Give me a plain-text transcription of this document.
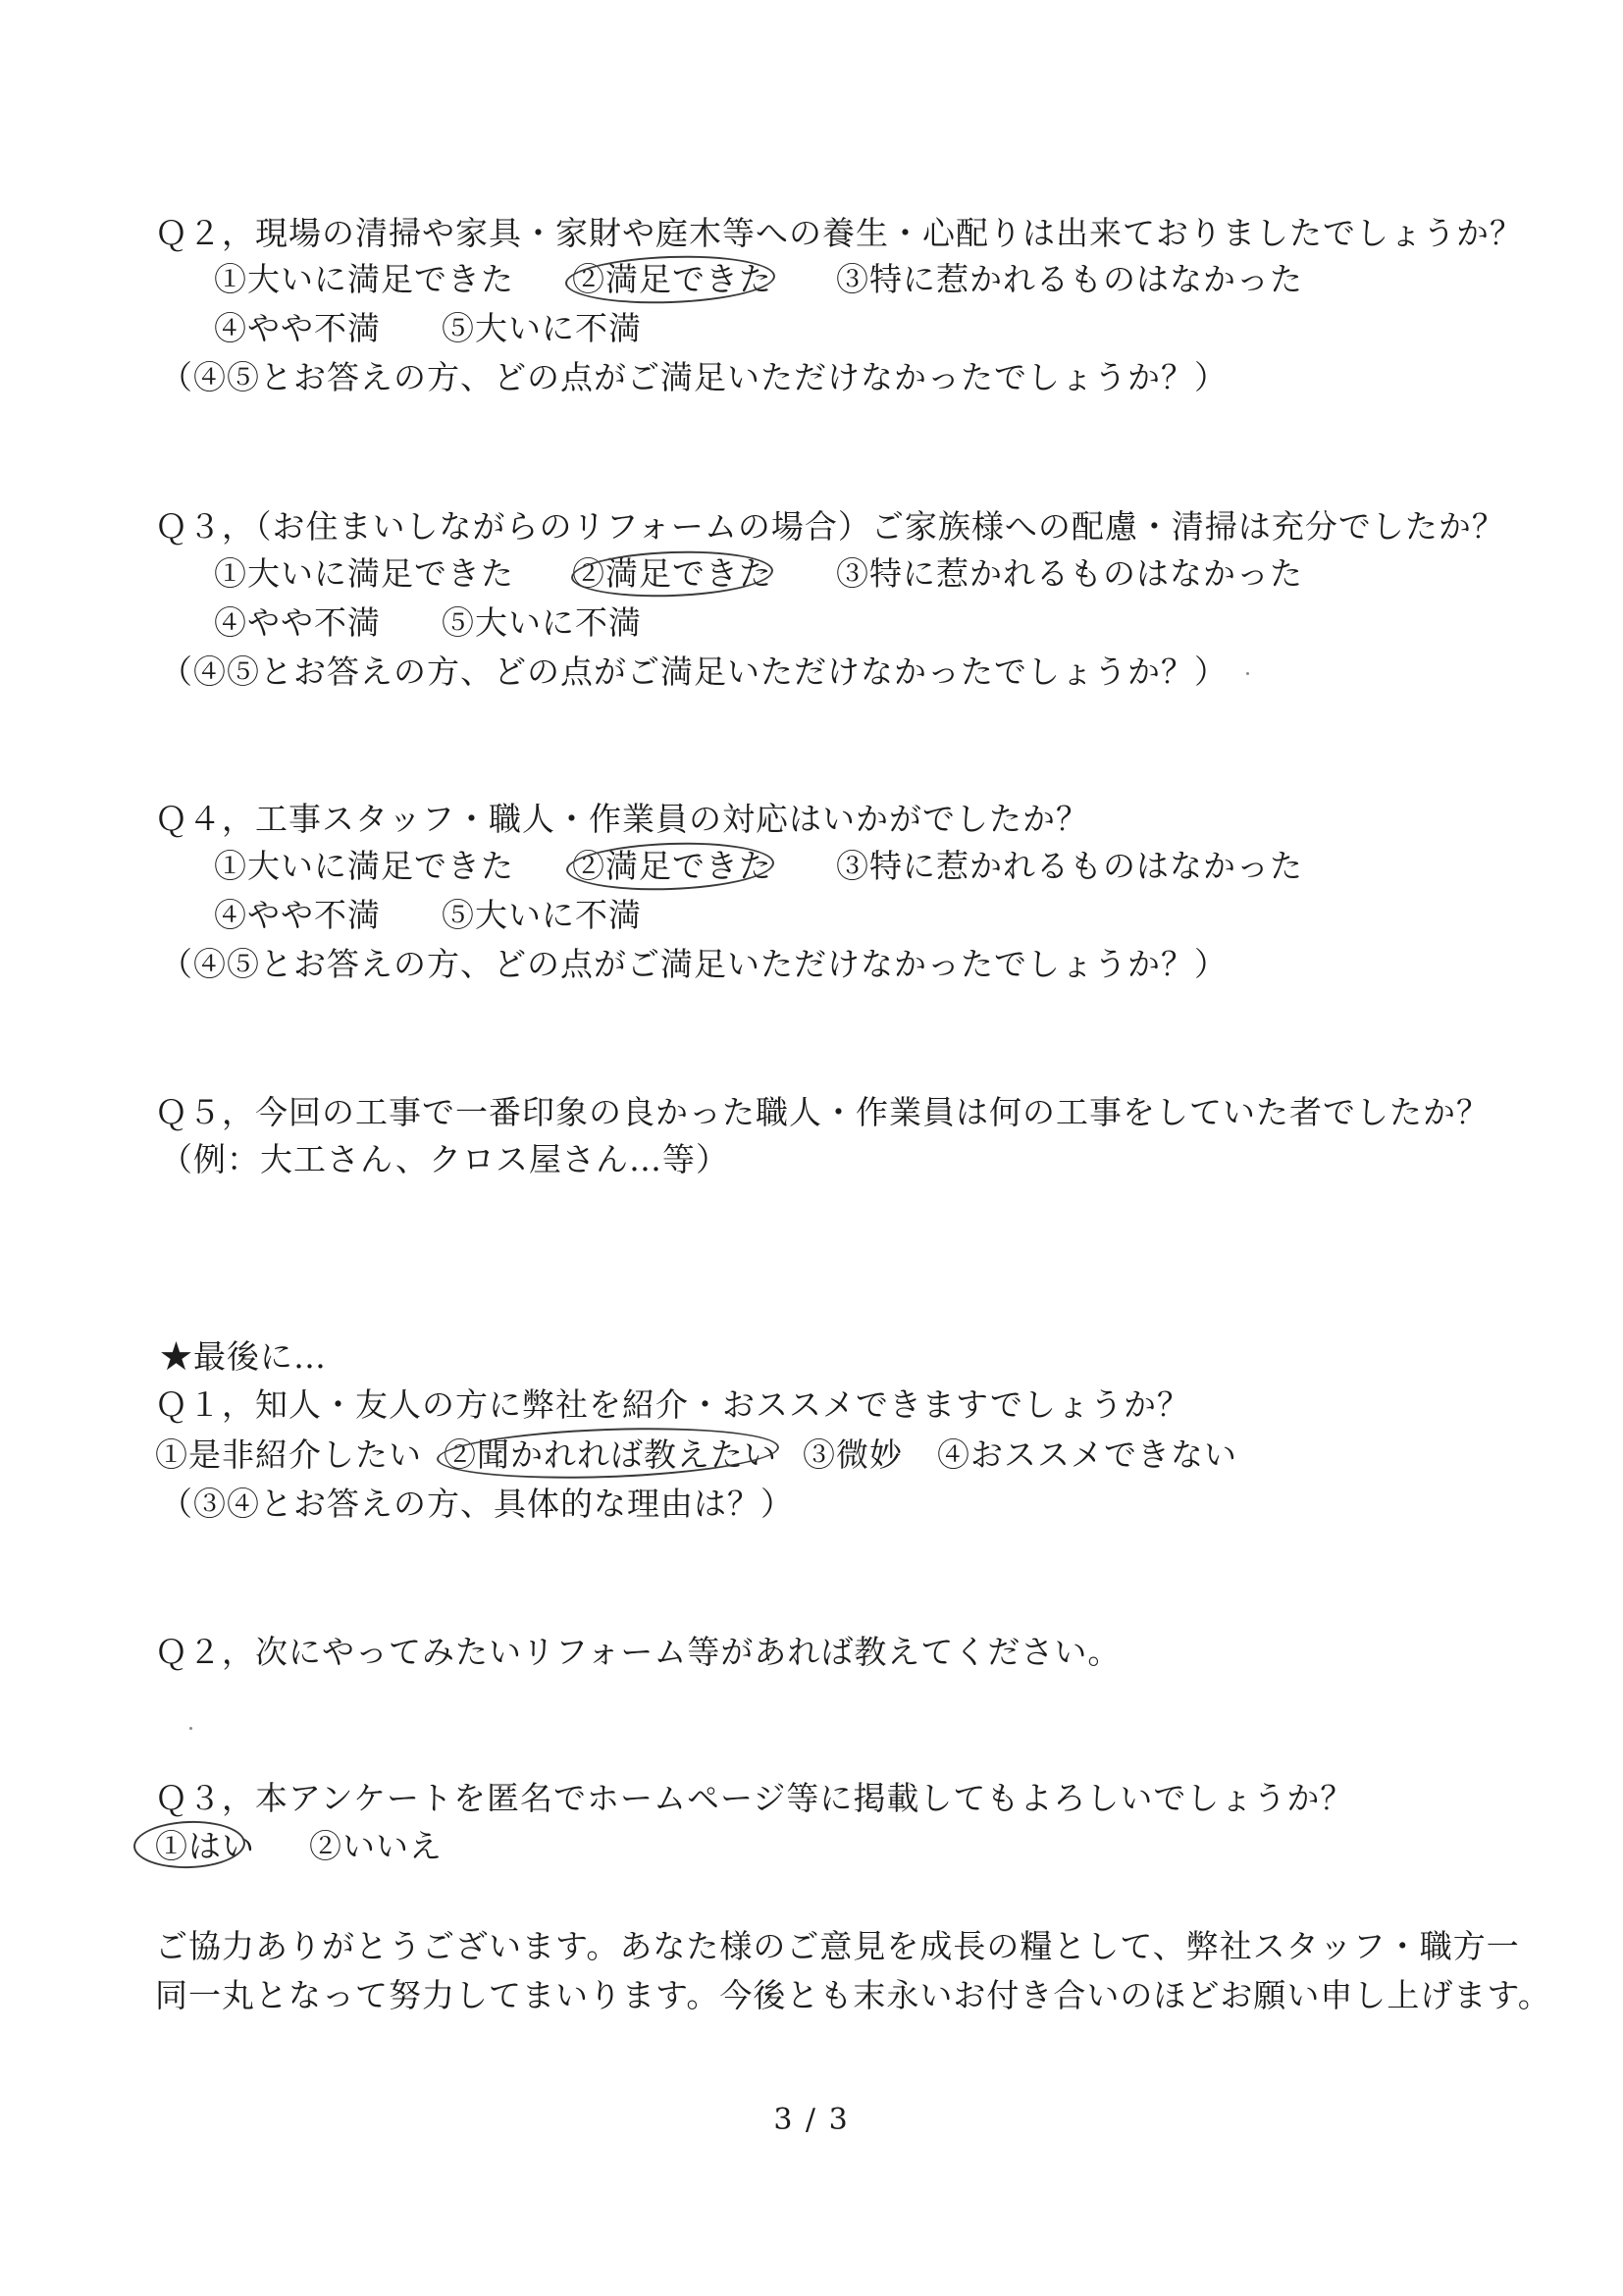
Ｑ２，現場の清掃や家具・家財や庭木等への養生・心配りは出来ておりましたでしょうか？
①大いに満足できた ②満足できた ③特に惹かれるものはなかった
④やや不満 ⑤大いに不満
（④⑤とお答えの方、どの点がご満足いただけなかったでしょうか？）
Ｑ３，（お住まいしながらのリフォームの場合）ご家族様への配慮・清掃は充分でしたか？
①大いに満足できた ②満足できた ③特に惹かれるものはなかった
④やや不満 ⑤大いに不満
（④⑤とお答えの方、どの点がご満足いただけなかったでしょうか？）
Ｑ４，工事スタッフ・職人・作業員の対応はいかがでしたか？
①大いに満足できた ②満足できた ③特に惹かれるものはなかった
④やや不満 ⑤大いに不満
（④⑤とお答えの方、どの点がご満足いただけなかったでしょうか？）
Ｑ５，今回の工事で一番印象の良かった職人・作業員は何の工事をしていた者でしたか？
（例：大工さん、クロス屋さん…等）
★最後に…
Ｑ１，知人・友人の方に弊社を紹介・おススメできますでしょうか？
①是非紹介したい ②聞かれれば教えたい ③微妙 ④おススメできない
（③④とお答えの方、具体的な理由は？）
Ｑ２，次にやってみたいリフォーム等があれば教えてください。
Ｑ３，本アンケートを匿名でホームページ等に掲載してもよろしいでしょうか？
①はい ②いいえ
ご協力ありがとうございます。あなた様のご意見を成長の糧として、弊社スタッフ・職方一
同一丸となって努力してまいります。今後とも末永いお付き合いのほどお願い申し上げます。
3 / 3
